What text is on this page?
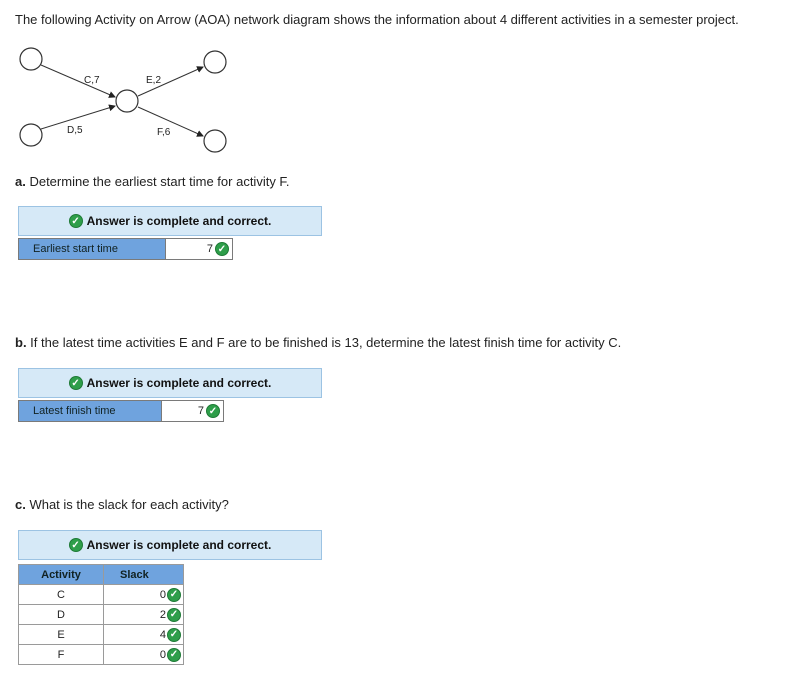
The following Activity on Arrow (AOA) network diagram shows the information about 4 different activities in a semester project.
C,7	E,2
D,5	F,6
a. Determine the earliest start time for activity F.
✓ Answer is complete and correct.
Earliest start time	7 ✓
b. If the latest time activities E and F are to be finished is 13, determine the latest finish time for activity C.
✓ Answer is complete and correct.
Latest finish time	7 ✓
c. What is the slack for each activity?
✓ Answer is complete and correct.
Activity	Slack
C	0 ✓

D	2 ✓

E	4 ✓

F	0 ✓
